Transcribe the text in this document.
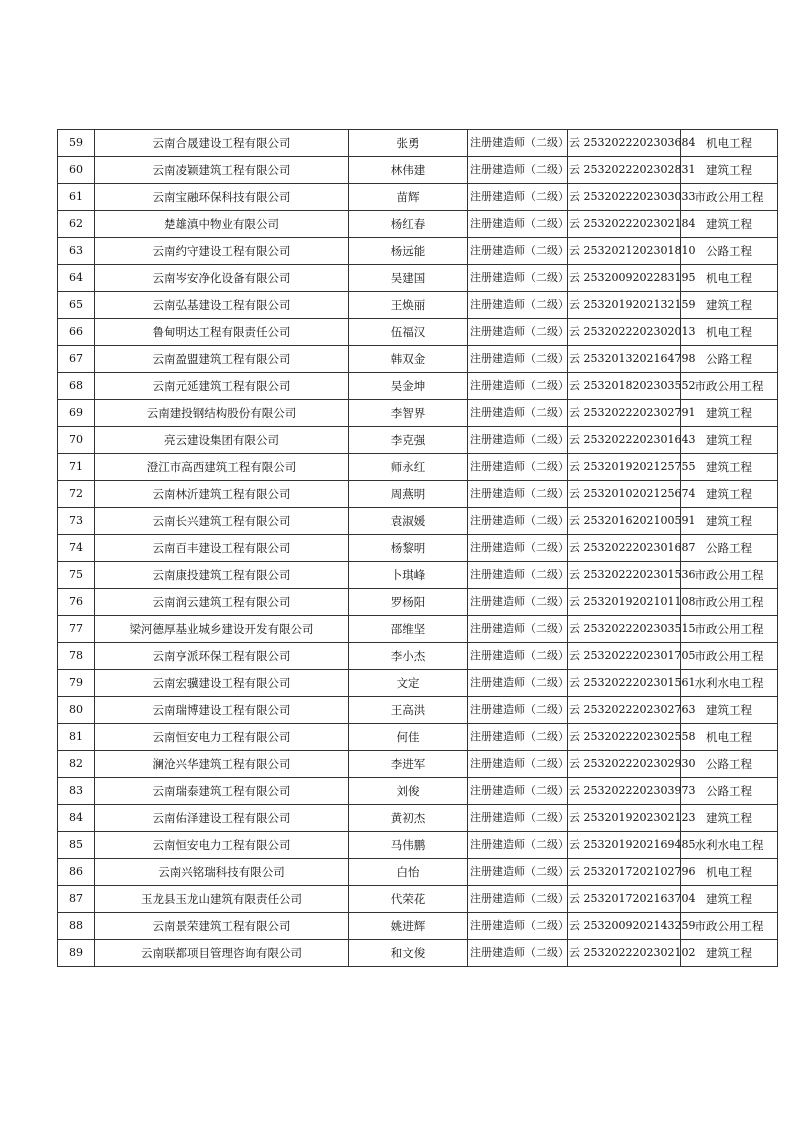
59	云南合晟建设工程有限公司	张勇	注册建造师（二级）	云 2532022202303684	机电工程
60	云南凌颖建筑工程有限公司	林伟建	注册建造师（二级）	云 2532022202302831	建筑工程
61	云南宝融环保科技有限公司	苗辉	注册建造师（二级）	云 2532022202303033	市政公用工程
62	楚雄滇中物业有限公司	杨红春	注册建造师（二级）	云 2532022202302184	建筑工程
63	云南约守建设工程有限公司	杨远能	注册建造师（二级）	云 2532021202301810	公路工程
64	云南岑安净化设备有限公司	吴建国	注册建造师（二级）	云 2532009202283195	机电工程
65	云南弘基建设工程有限公司	王焕丽	注册建造师（二级）	云 2532019202132159	建筑工程
66	鲁甸明达工程有限责任公司	伍福汉	注册建造师（二级）	云 2532022202302013	机电工程
67	云南盈盟建筑工程有限公司	韩双金	注册建造师（二级）	云 2532013202164798	公路工程
68	云南元延建筑工程有限公司	吴金坤	注册建造师（二级）	云 2532018202303552	市政公用工程
69	云南建投钢结构股份有限公司	李智界	注册建造师（二级）	云 2532022202302791	建筑工程
70	亮云建设集团有限公司	李克强	注册建造师（二级）	云 2532022202301643	建筑工程
71	澄江市高西建筑工程有限公司	师永红	注册建造师（二级）	云 2532019202125755	建筑工程
72	云南林沂建筑工程有限公司	周燕明	注册建造师（二级）	云 2532010202125674	建筑工程
73	云南长兴建筑工程有限公司	袁淑媛	注册建造师（二级）	云 2532016202100591	建筑工程
74	云南百丰建设工程有限公司	杨黎明	注册建造师（二级）	云 2532022202301687	公路工程
75	云南康投建筑工程有限公司	卜琪峰	注册建造师（二级）	云 2532022202301536	市政公用工程
76	云南润云建筑工程有限公司	罗杨阳	注册建造师（二级）	云 2532019202101108	市政公用工程
77	梁河德厚基业城乡建设开发有限公司	邵维坚	注册建造师（二级）	云 2532022202303515	市政公用工程
78	云南亨派环保工程有限公司	李小杰	注册建造师（二级）	云 2532022202301705	市政公用工程
79	云南宏骥建设工程有限公司	文定	注册建造师（二级）	云 2532022202301561	水利水电工程
80	云南瑞博建设工程有限公司	王高洪	注册建造师（二级）	云 2532022202302763	建筑工程
81	云南恒安电力工程有限公司	何佳	注册建造师（二级）	云 2532022202302558	机电工程
82	澜沧兴华建筑工程有限公司	李进军	注册建造师（二级）	云 2532022202302930	公路工程
83	云南瑞泰建筑工程有限公司	刘俊	注册建造师（二级）	云 2532022202303973	公路工程
84	云南佑泽建设工程有限公司	黄初杰	注册建造师（二级）	云 2532019202302123	建筑工程
85	云南恒安电力工程有限公司	马伟鹏	注册建造师（二级）	云 2532019202169485	水利水电工程
86	云南兴铭瑞科技有限公司	白怡	注册建造师（二级）	云 2532017202102796	机电工程
87	玉龙县玉龙山建筑有限责任公司	代荣花	注册建造师（二级）	云 2532017202163704	建筑工程
88	云南景荣建筑工程有限公司	姚进辉	注册建造师（二级）	云 2532009202143259	市政公用工程
89	云南联都项目管理咨询有限公司	和文俊	注册建造师（二级）	云 2532022202302102	建筑工程
